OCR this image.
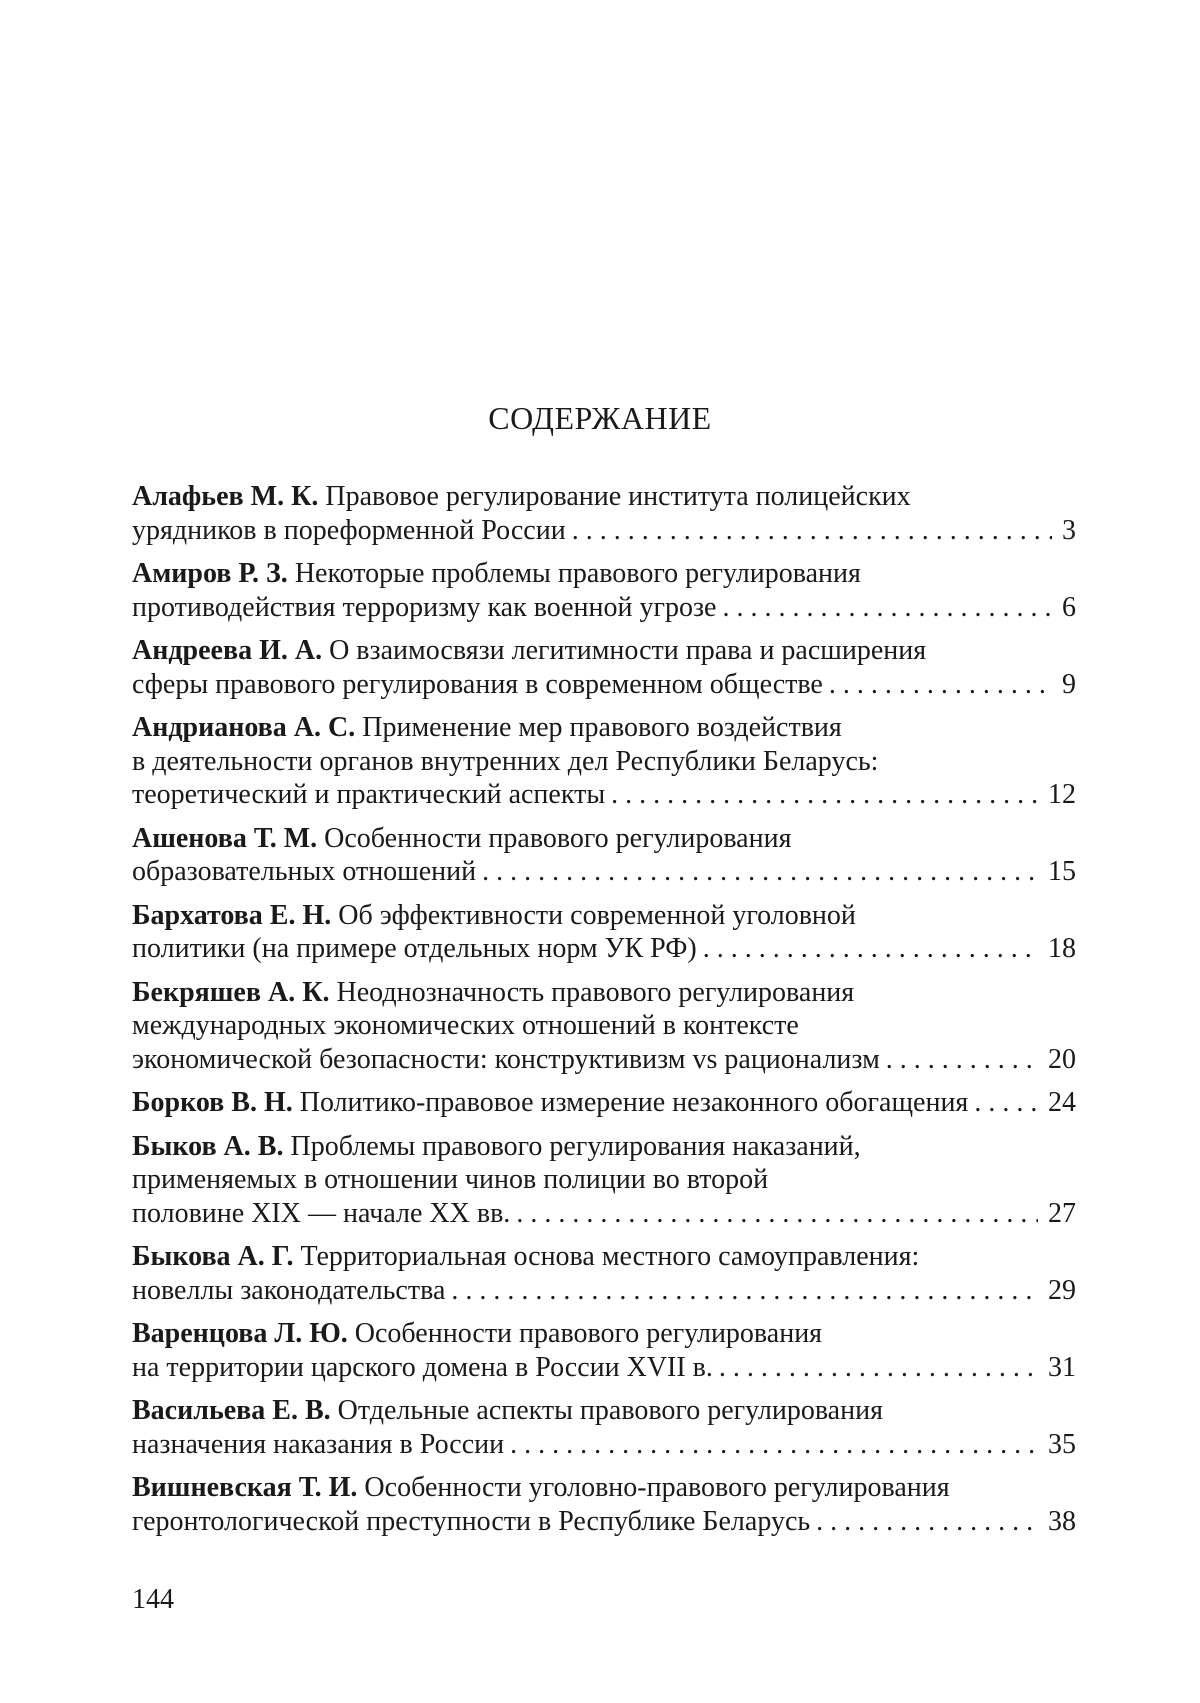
СОДЕРЖАНИЕ
Алафьев М. К. Правовое регулирование института полицейских
урядников в пореформенной России . . .	3
Амиров Р. З. Некоторые проблемы правового регулирования
противодействия терроризму как военной угрозе . . .	6
Андреева И. А. О взаимосвязи легитимности права и расширения
сферы правового регулирования в современном обществе . . .	9
Андрианова А. С. Применение мер правового воздействия
в деятельности органов внутренних дел Республики Беларусь:
теоретический и практический аспекты . . .	12
Ашенова Т. М. Особенности правового регулирования
образовательных отношений . . .	15
Бархатова Е. Н. Об эффективности современной уголовной
политики (на примере отдельных норм УК РФ) . . .	18
Бекряшев А. К. Неоднозначность правового регулирования
международных экономических отношений в контексте
экономической безопасности: конструктивизм vs рационализм . . .	20
Борков В. Н. Политико-правовое измерение незаконного обогащения . . .	24
Быков А. В. Проблемы правового регулирования наказаний,
применяемых в отношении чинов полиции во второй
половине XIX — начале XX вв. . . .	27
Быкова А. Г. Территориальная основа местного самоуправления:
новеллы законодательства . . .	29
Варенцова Л. Ю. Особенности правового регулирования
на территории царского домена в России XVII в. . . .	31
Васильева Е. В. Отдельные аспекты правового регулирования
назначения наказания в России . . .	35
Вишневская Т. И. Особенности уголовно-правового регулирования
геронтологической преступности в Республике Беларусь . . .	38
144
